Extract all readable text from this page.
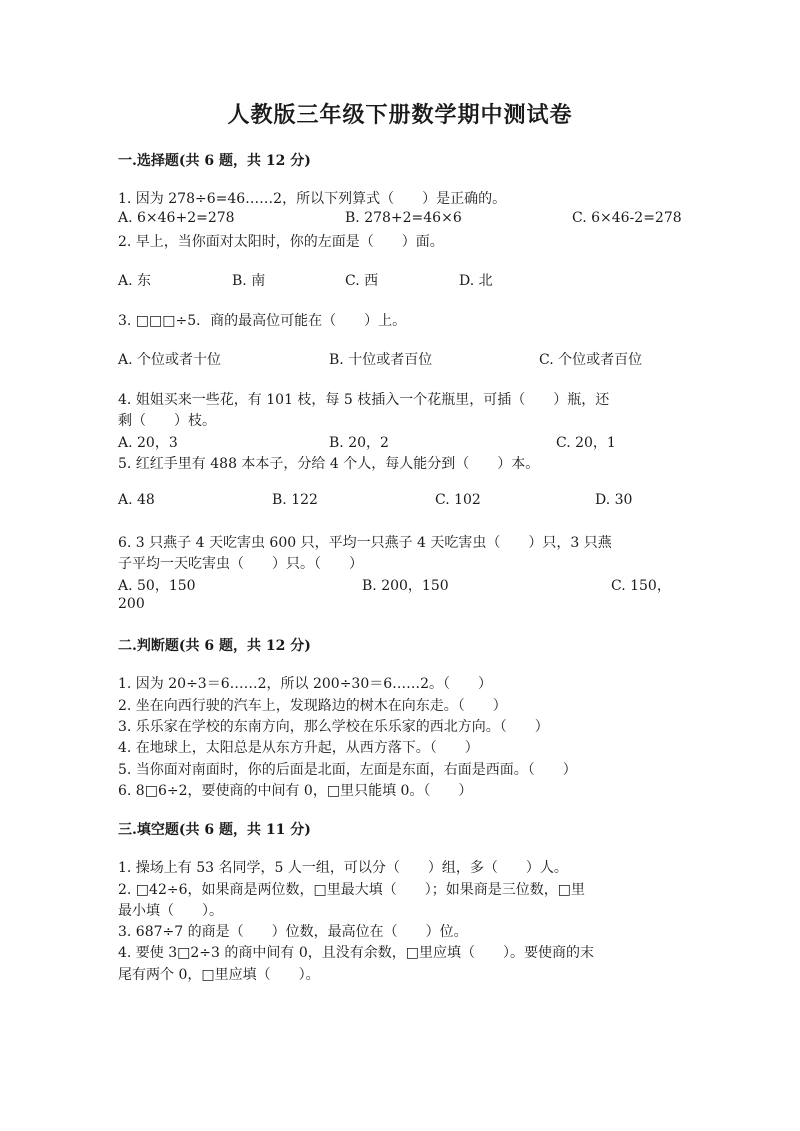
人教版三年级下册数学期中测试卷
一.选择题(共 6 题，共 12 分)
1. 因为 278÷6=46……2，所以下列算式（　　）是正确的。
A. 6×46+2=278	B. 278+2=46×6	C. 6×46-2=278
2. 早上，当你面对太阳时，你的左面是（　　）面。
A. 东	B. 南	C. 西	D. 北
3. □□□÷5．商的最高位可能在（　　）上。
A. 个位或者十位	B. 十位或者百位	C. 个位或者百位
4. 姐姐买来一些花，有 101 枝，每 5 枝插入一个花瓶里，可插（　　）瓶，还
剩（　　）枝。
A. 20，3	B. 20，2	C. 20，1
5. 红红手里有 488 本本子，分给 4 个人，每人能分到（　　）本。
A. 48	B. 122	C. 102	D. 30
6. 3 只燕子 4 天吃害虫 600 只，平均一只燕子 4 天吃害虫（　　）只，3 只燕
子平均一天吃害虫（　　）只。（　　）
A. 50，150	B. 200，150	C. 150，
200
二.判断题(共 6 题，共 12 分)
1. 因为 20÷3＝6……2，所以 200÷30＝6……2。（　　）
2. 坐在向西行驶的汽车上，发现路边的树木在向东走。（　　）
3. 乐乐家在学校的东南方向，那么学校在乐乐家的西北方向。（　　）
4. 在地球上，太阳总是从东方升起，从西方落下。（　　）
5. 当你面对南面时，你的后面是北面，左面是东面，右面是西面。（　　）
6. 8□6÷2，要使商的中间有 0，□里只能填 0。（　　）
三.填空题(共 6 题，共 11 分)
1. 操场上有 53 名同学，5 人一组，可以分（　　）组，多（　　）人。
2. □42÷6，如果商是两位数，□里最大填（　　）；如果商是三位数，□里
最小填（　　）。
3. 687÷7 的商是（　　）位数，最高位在（　　）位。
4. 要使 3□2÷3 的商中间有 0，且没有余数，□里应填（　　）。要使商的末
尾有两个 0，□里应填（　　）。
